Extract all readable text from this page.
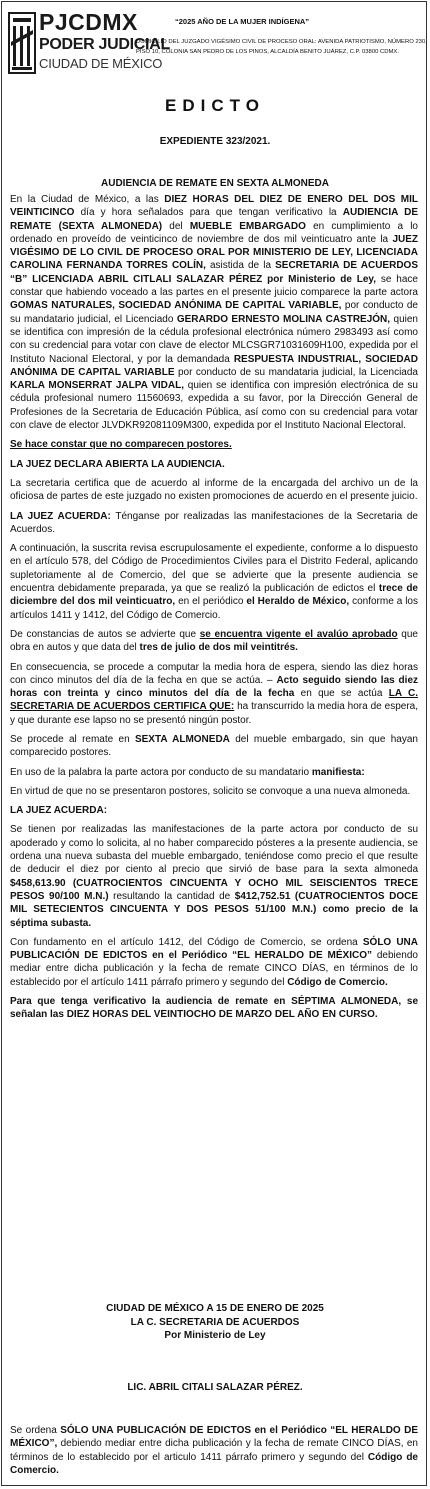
PJCDMX
PODER JUDICIAL
CIUDAD DE MÉXICO
“2025 AÑO DE LA MUJER INDÍGENA”
DOMICILIO DEL JUZGADO VIGÉSIMO CIVIL DE PROCESO ORAL: AVENIDA PATRIOTISMO, NÚMERO 230, PISO 10, COLONIA SAN PEDRO DE LOS PINOS, ALCALDÍA BENITO JUÁREZ, C.P. 03800 CDMX.
EDICTO
EXPEDIENTE 323/2021.
AUDIENCIA DE REMATE EN SEXTA ALMONEDA

En la Ciudad de México, a las DIEZ HORAS DEL DIEZ DE ENERO DEL DOS MIL VEINTICINCO día y hora señalados para que tengan verificativo la AUDIENCIA DE REMATE (SEXTA ALMONEDA) del MUEBLE EMBARGADO en cumplimiento a lo ordenado en proveído de veinticinco de noviembre de dos mil veinticuatro ante la JUEZ VIGÉSIMO DE LO CIVIL DE PROCESO ORAL POR MINISTERIO DE LEY, LICENCIADA CAROLINA FERNANDA TORRES COLÍN, asistida de la SECRETARIA DE ACUERDOS “B” LICENCIADA ABRIL CITLALI SALAZAR PÉREZ por Ministerio de Ley, se hace constar que habiendo voceado a las partes en el presente juicio comparece la parte actora GOMAS NATURALES, SOCIEDAD ANÓNIMA DE CAPITAL VARIABLE, por conducto de su mandatario judicial, el Licenciado GERARDO ERNESTO MOLINA CASTREJÓN, quien se identifica con impresión de la cédula profesional electrónica número 2983493 así como con su credencial para votar con clave de elector MLCSGR71031609H100, expedida por el Instituto Nacional Electoral, y por la demandada RESPUESTA INDUSTRIAL, SOCIEDAD ANÓNIMA DE CAPITAL VARIABLE por conducto de su mandataria judicial, la Licenciada KARLA MONSERRAT JALPA VIDAL, quien se identifica con impresión electrónica de su cédula profesional numero 11560693, expedida a su favor, por la Dirección General de Profesiones de la Secretaria de Educación Pública, así como con su credencial para votar con clave de elector JLVDKR92081109M300, expedida por el Instituto Nacional Electoral.

Se hace constar que no comparecen postores.

LA JUEZ DECLARA ABIERTA LA AUDIENCIA.

La secretaria certifica que de acuerdo al informe de la encargada del archivo un de la oficiosa de partes de este juzgado no existen promociones de acuerdo en el presente juicio.

LA JUEZ ACUERDA: Ténganse por realizadas las manifestaciones de la Secretaria de Acuerdos.

A continuación, la suscrita revisa escrupulosamente el expediente, conforme a lo dispuesto en el artículo 578, del Código de Procedimientos Civiles para el Distrito Federal, aplicando supletoriamente al de Comercio, del que se advierte que la presente audiencia se encuentra debidamente preparada, ya que se realizó la publicación de edictos el trece de diciembre del dos mil veinticuatro, en el periódico el Heraldo de México, conforme a los artículos 1411 y 1412, del Código de Comercio.

De constancias de autos se advierte que se encuentra vigente el avalúo aprobado que obra en autos y que data del tres de julio de dos mil veintitrés.

En consecuencia, se procede a computar la media hora de espera, siendo las diez horas con cinco minutos del día de la fecha en que se actúa. – Acto seguido siendo las diez horas con treinta y cinco minutos del día de la fecha en que se actúa LA C. SECRETARIA DE ACUERDOS CERTIFICA QUE: ha transcurrido la media hora de espera, y que durante ese lapso no se presentó ningún postor.

Se procede al remate en SEXTA ALMONEDA del mueble embargado, sin que hayan comparecido postores.

En uso de la palabra la parte actora por conducto de su mandatario manifiesta:

En virtud de que no se presentaron postores, solicito se convoque a una nueva almoneda.

LA JUEZ ACUERDA:

Se tienen por realizadas las manifestaciones de la parte actora por conducto de su apoderado y como lo solicita, al no haber comparecido pósteres a la presente audiencia, se ordena una nueva subasta del mueble embargado, teniéndose como precio el que resulte de deducir el diez por ciento al precio que sirvió de base para la sexta almoneda $458,613.90 (CUATROCIENTOS CINCUENTA Y OCHO MIL SEISCIENTOS TRECE PESOS 90/100 M.N.) resultando la cantidad de $412,752.51 (CUATROCIENTOS DOCE MIL SETECIENTOS CINCUENTA Y DOS PESOS 51/100 M.N.) como precio de la séptima subasta.

Con fundamento en el artículo 1412, del Código de Comercio, se ordena SÓLO UNA PUBLICACIÓN DE EDICTOS en el Periódico “EL HERALDO DE MÉXICO” debiendo mediar entre dicha publicación y la fecha de remate CINCO DÍAS, en términos de lo establecido por el artículo 1411 párrafo primero y segundo del Código de Comercio.

Para que tenga verificativo la audiencia de remate en SÉPTIMA ALMONEDA, se señalan las DIEZ HORAS DEL VEINTIOCHO DE MARZO DEL AÑO EN CURSO.

CIUDAD DE MÉXICO A 15 DE ENERO DE 2025
LA C. SECRETARIA DE ACUERDOS
Por Ministerio de Ley
LIC. ABRIL CITALI SALAZAR PÉREZ.
Se ordena SÓLO UNA PUBLICACIÓN DE EDICTOS en el Periódico “EL HERALDO DE MÉXICO”, debiendo mediar entre dicha publicación y la fecha de remate CINCO DÍAS, en términos de lo establecido por el articulo 1411 párrafo primero y segundo del Código de Comercio.
